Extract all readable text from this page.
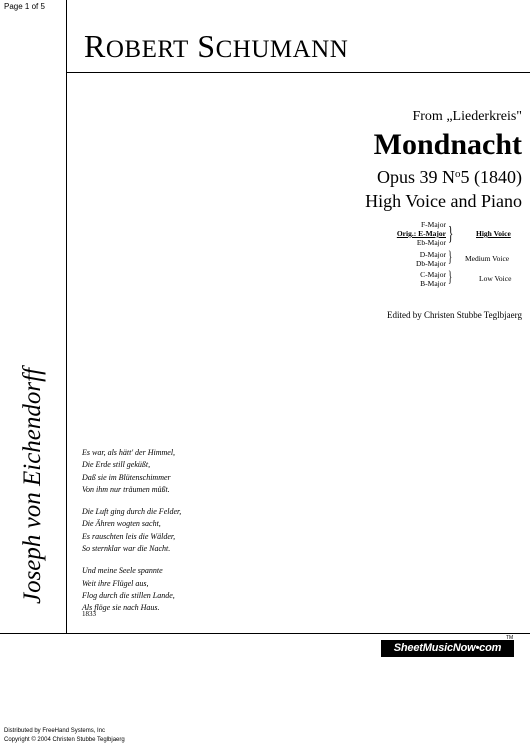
Page 1 of 5
ROBERT SCHUMANN
From „Liederkreis"
Mondnacht
Opus 39 $N^o5$ (1840)
High Voice and Piano
F-Major
Orig.: E-Major
Eb-Major
D-Major
Db-Major
C-Major
B-Major
}
}
}
High Voice
Medium Voice
Low Voice
Edited by Christen Stubbe Teglbjaerg
Joseph von Eichendorff	Es war, als hätt' der Himmel,
Die Erde still geküßt,
Daß sie im Blütenschimmer
Von ihm nur träumen müßt.
Die Luft ging durch die Felder,
Die Ähren wogten sacht,
Es rauschten leis die Wälder,
So sternklar war die Nacht.
Und meine Seele spannte
Weit ihre Flügel aus,
Flog durch die stillen Lande,
Als flöge sie nach Haus.
1833
SheetMusicNow•com
TM
Distributed by FreeHand Systems, Inc
Copyright © 2004 Christen Stubbe Teglbjaerg
